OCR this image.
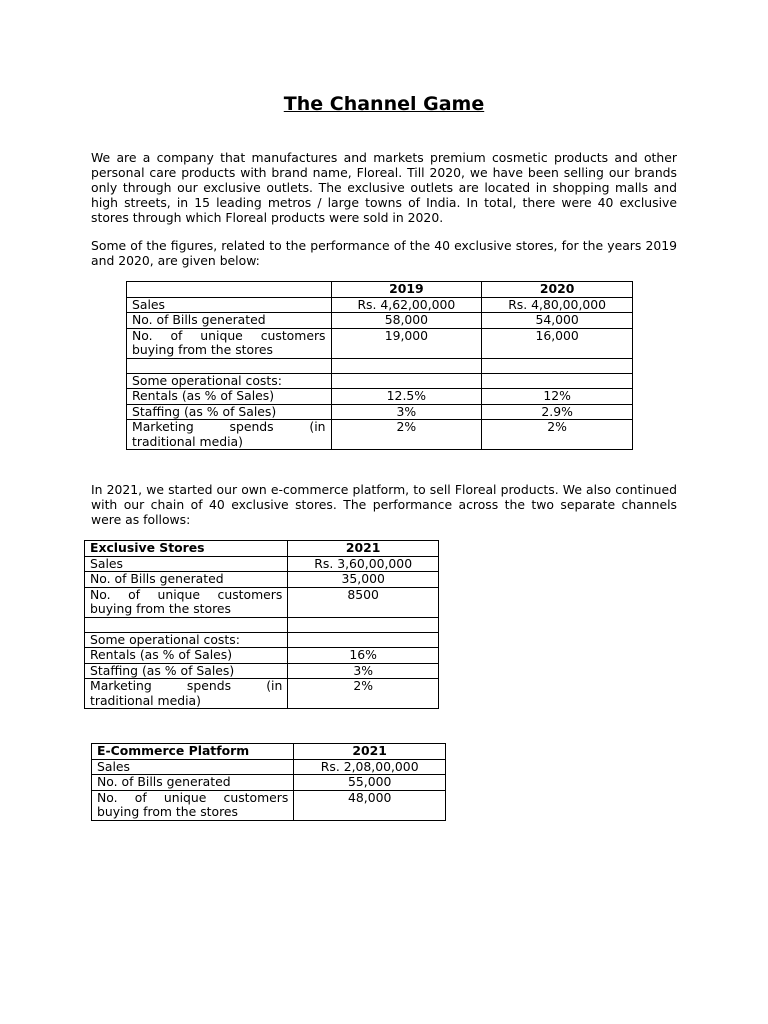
The Channel Game

We are a company that manufactures and markets premium cosmetic products and other personal care products with brand name, Floreal. Till 2020, we have been selling our brands only through our exclusive outlets. The exclusive outlets are located in shopping malls and high streets, in 15 leading metros / large towns of India. In total, there were 40 exclusive stores through which Floreal products were sold in 2020.

Some of the figures, related to the performance of the 40 exclusive stores, for the years 2019 and 2020, are given below:

	2019	2020
Sales	Rs. 4,62,00,000	Rs. 4,80,00,000
No. of Bills generated	58,000	54,000
No. of unique customers buying from the stores	19,000	16,000

Some operational costs:		
Rentals (as % of Sales)	12.5%	12%
Staffing (as % of Sales)	3%	2.9%
Marketing spends (in traditional media)	2%	2%

In 2021, we started our own e-commerce platform, to sell Floreal products. We also continued with our chain of 40 exclusive stores. The performance across the two separate channels were as follows:

Exclusive Stores	2021
Sales	Rs. 3,60,00,000
No. of Bills generated	35,000
No. of unique customers buying from the stores	8500

Some operational costs:	
Rentals (as % of Sales)	16%
Staffing (as % of Sales)	3%
Marketing spends (in traditional media)	2%
E-Commerce Platform	2021
Sales	Rs. 2,08,00,000
No. of Bills generated	55,000
No. of unique customers buying from the stores	48,000
